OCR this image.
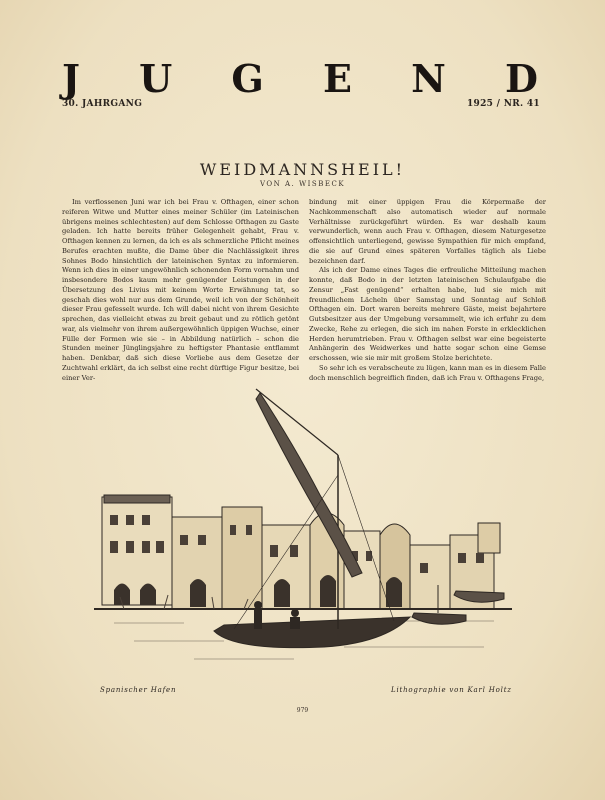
J U G E N D
30. JAHRGANG	1925 / NR. 41
WEIDMANNSHEIL!
VON A. WISBECK

Im verflossenen Juni war ich bei Frau v. Ofthagen, einer schon reiferen Witwe und Mutter eines meiner Schüler (im Lateinischen übrigens meines schlechtesten) auf dem Schlosse Ofthagen zu Gaste geladen. Ich hatte bereits früher Gelegenheit gehabt, Frau v. Ofthagen kennen zu lernen, da ich es als schmerzliche Pflicht meines Berufes erachten mußte, die Dame über die Nachlässigkeit ihres Sohnes Bodo hinsichtlich der lateinischen Syntax zu informieren. Wenn ich dies in einer ungewöhnlich schonenden Form vornahm und insbesondere Bodos kaum mehr genügender Leistungen in der Übersetzung des Livius mit keinem Worte Erwähnung tat, so geschah dies wohl nur aus dem Grunde, weil ich von der Schönheit dieser Frau gefesselt wurde. Ich will dabei nicht von ihrem Gesichte sprechen, das vielleicht etwas zu breit gebaut und zu rötlich getönt war, als vielmehr von ihrem außergewöhnlich üppigen Wuchse, einer Fülle der Formen wie sie – in Abbildung natürlich – schon die Stunden meiner Jünglingsjahre zu heftigster Phantasie entflammt haben. Denkbar, daß sich diese Vorliebe aus dem Gesetze der Zuchtwahl erklärt, da ich selbst eine recht dürftige Figur besitze, bei einer Ver-

bindung mit einer üppigen Frau die Körpermaße der Nachkommenschaft also automatisch wieder auf normale Verhältnisse zurückgeführt würden. Es war deshalb kaum verwunderlich, wenn auch Frau v. Ofthagen, diesem Naturgesetze offensichtlich unterliegend, gewisse Sympathien für mich empfand, die sie auf Grund eines späteren Vorfalles täglich als Liebe bezeichnen darf.

Als ich der Dame eines Tages die erfreuliche Mitteilung machen konnte, daß Bodo in der letzten lateinischen Schulaufgabe die Zensur „Fast genügend“ erhalten habe, lud sie mich mit freundlichem Lächeln über Samstag und Sonntag auf Schloß Ofthagen ein. Dort waren bereits mehrere Gäste, meist bejahrtere Gutsbesitzer aus der Umgebung versammelt, wie ich erfuhr zu dem Zwecke, Rehe zu erlegen, die sich im nahen Forste in erklecklichen Herden herumtrieben. Frau v. Ofthagen selbst war eine begeisterte Anhängerin des Weidwerkes und hatte sogar schon eine Gemse erschossen, wie sie mir mit großem Stolze berichtete.

So sehr ich es verabscheute zu lügen, kann man es in diesem Falle doch menschlich begreiflich finden, daß ich Frau v. Ofthagens Frage,

Spanischer Hafen	Lithographie von Karl Holtz
979
